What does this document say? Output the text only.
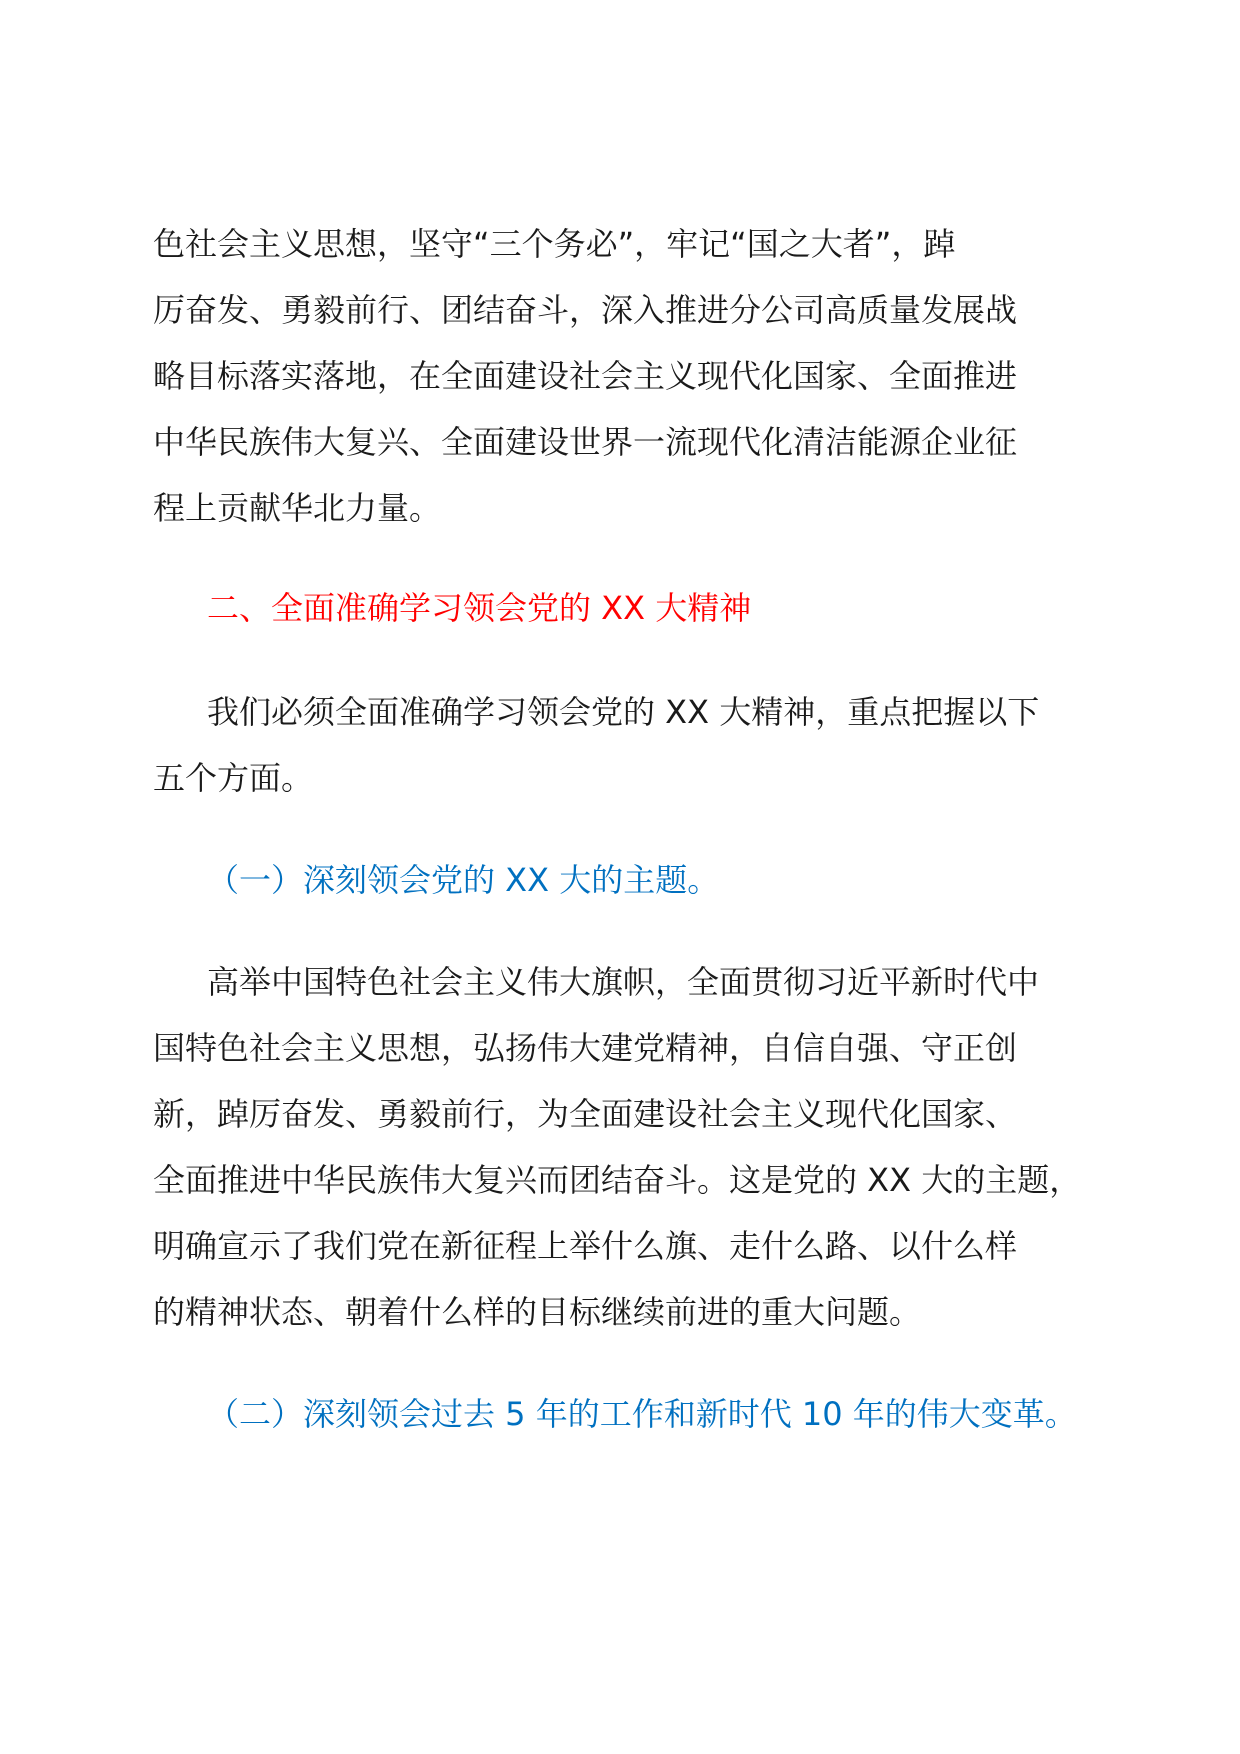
色社会主义思想，坚守“三个务必”，牢记“国之大者”，踔
厉奋发、勇毅前行、团结奋斗，深入推进分公司高质量发展战
略目标落实落地，在全面建设社会主义现代化国家、全面推进
中华民族伟大复兴、全面建设世界一流现代化清洁能源企业征
程上贡献华北力量。
二、全面准确学习领会党的 XX 大精神
我们必须全面准确学习领会党的 XX 大精神，重点把握以下
五个方面。
（一）深刻领会党的 XX 大的主题。
高举中国特色社会主义伟大旗帜，全面贯彻习近平新时代中
国特色社会主义思想，弘扬伟大建党精神，自信自强、守正创
新，踔厉奋发、勇毅前行，为全面建设社会主义现代化国家、
全面推进中华民族伟大复兴而团结奋斗。这是党的 XX 大的主题，
明确宣示了我们党在新征程上举什么旗、走什么路、以什么样
的精神状态、朝着什么样的目标继续前进的重大问题。
（二）深刻领会过去 5 年的工作和新时代 10 年的伟大变革。
